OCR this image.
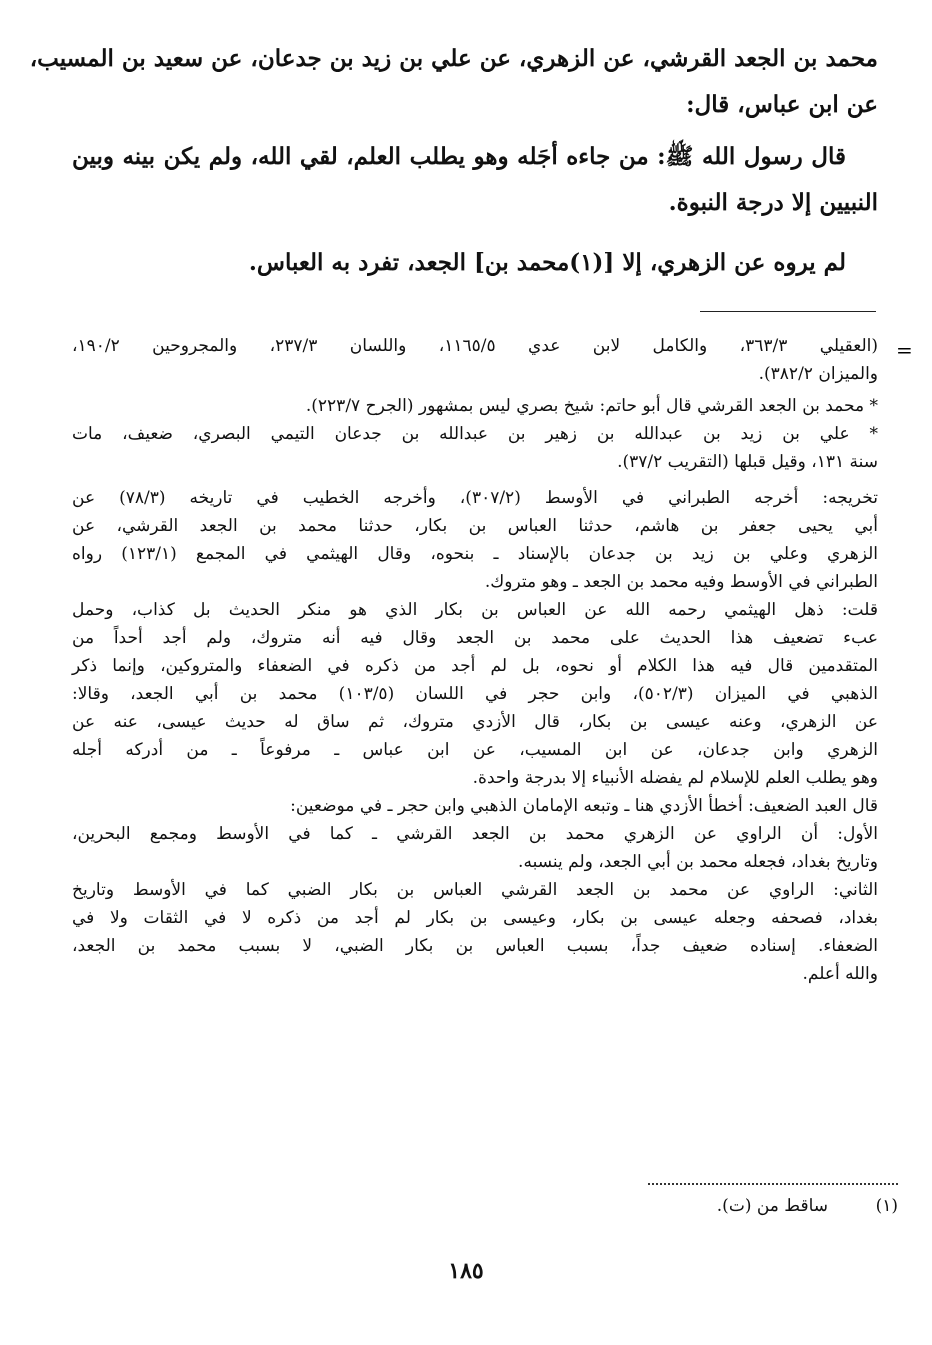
محمد بن الجعد القرشي، عن الزهري، عن علي بن زيد بن جدعان، عن سعيد بن المسيب،
عن ابن عباس، قال:
قال رسول الله ﷺ: من جاءه أجَله وهو يطلب العلم، لقي الله، ولم يكن بينه وبين
النبيين إلا درجة النبوة.
لم يروه عن الزهري، إلا [(١)محمد بن] الجعد، تفرد به العباس.
(العقيلي ٣٦٣/٣، والكامل لابن عدي ١١٦٥/٥، واللسان ٢٣٧/٣، والمجروحين ١٩٠/٢،
والميزان ٣٨٢/٢).
* محمد بن الجعد القرشي قال أبو حاتم: شيخ بصري ليس بمشهور (الجرح ٢٢٣/٧).
* علي بن زيد بن عبدالله بن زهير بن عبدالله بن جدعان التيمي البصري، ضعيف، مات
سنة ١٣١، وقيل قبلها (التقريب ٣٧/٢).
تخريجه: أخرجه الطبراني في الأوسط (٣٠٧/٢)، وأخرجه الخطيب في تاريخه (٧٨/٣) عن
أبي يحيى جعفر بن هاشم، حدثنا العباس بن بكار، حدثنا محمد بن الجعد القرشي، عن
الزهري وعلي بن زيد بن جدعان بالإسناد ـ بنحوه، وقال الهيثمي في المجمع (١٢٣/١) رواه
الطبراني في الأوسط وفيه محمد بن الجعد ـ وهو متروك.
قلت: ذهل الهيثمي رحمه الله عن العباس بن بكار الذي هو منكر الحديث بل كذاب، وحمل
عبء تضعيف هذا الحديث على محمد بن الجعد وقال فيه أنه متروك، ولم أجد أحداً من
المتقدمين قال فيه هذا الكلام أو نحوه، بل لم أجد من ذكره في الضعفاء والمتروكين، وإنما ذكر
الذهبي في الميزان (٥٠٢/٣)، وابن حجر في اللسان (١٠٣/٥) محمد بن أبي الجعد، وقالا:
عن الزهري، وعنه عيسى بن بكار، قال الأزدي متروك، ثم ساق له حديث عيسى، عنه عن
الزهري وابن جدعان، عن ابن المسيب، عن ابن عباس ـ مرفوعاً ـ من أدركه أجله
وهو يطلب العلم للإسلام لم يفضله الأنبياء إلا بدرجة واحدة.
قال العبد الضعيف: أخطأ الأزدي هنا ـ وتبعه الإمامان الذهبي وابن حجر ـ في موضعين:
الأول: أن الراوي عن الزهري محمد بن الجعد القرشي ـ كما في الأوسط ومجمع البحرين،
وتاريخ بغداد، فجعله محمد بن أبي الجعد، ولم ينسبه.
الثاني: الراوي عن محمد بن الجعد القرشي العباس بن بكار الضبي كما في الأوسط وتاريخ
بغداد، فصحفه وجعله عيسى بن بكار، وعيسى بن بكار لم أجد من ذكره لا في الثقات ولا في
الضعفاء. إسناده ضعيف جداً، بسبب العباس بن بكار الضبي، لا بسبب محمد بن الجعد،
والله أعلم.
=
(١)ساقط من (ت).
١٨٥
